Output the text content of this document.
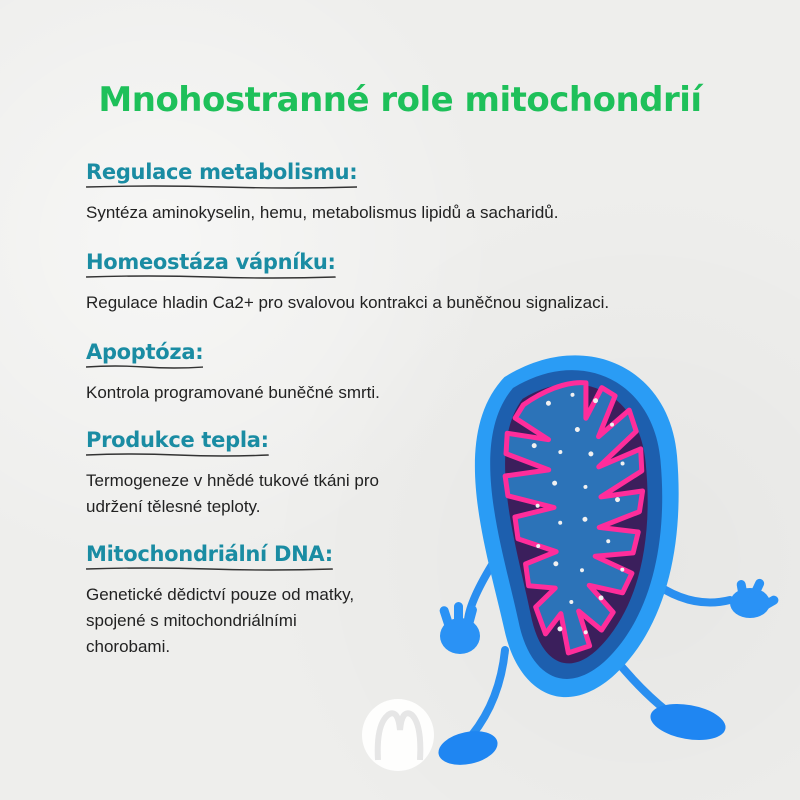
Mnohostranné role mitochondrií
Regulace metabolismu:
Syntéza aminokyselin, hemu, metabolismus lipidů a sacharidů.
Homeostáza vápníku:
Regulace hladin Ca2+ pro svalovou kontrakci a buněčnou signalizaci.
Apoptóza:
Kontrola programované buněčné smrti.
Produkce tepla:
Termogeneze v hnědé tukové tkáni pro
udržení tělesné teploty.
Mitochondriální DNA:
Genetické dědictví pouze od matky,
spojené s mitochondriálními
chorobami.
